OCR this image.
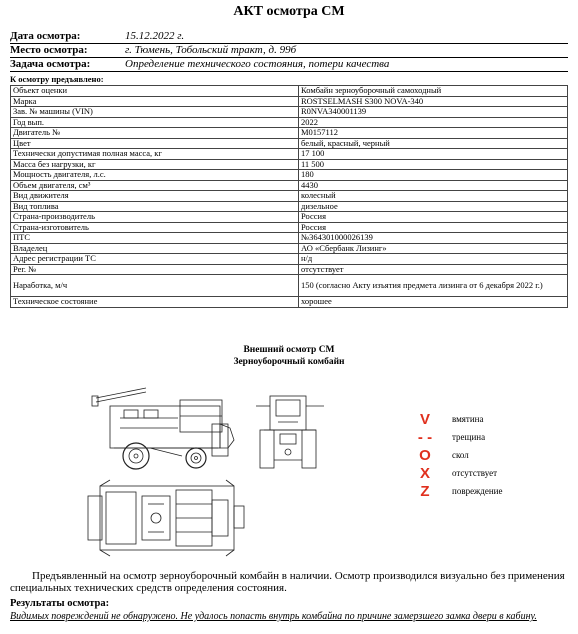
АКТ осмотра СМ
Дата осмотра:	15.12.2022 г.
Место осмотра:	г. Тюмень, Тобольский тракт, д. 99б
Задача осмотра:	Определение технического состояния, потери качества
К осмотру предъявлено:
Объект оценки	Комбайн зерноуборочный самоходный
Марка	ROSTSELMASH S300 NOVA-340
Зав. № машины (VIN)	R0NVA340001139
Год вып.	2022
Двигатель №	M0157112
Цвет	белый, красный, черный
Технически допустимая полная масса, кг	17 100
Масса без нагрузки, кг	11 500
Мощность двигателя, л.с.	180
Объем двигателя, см³	4430
Вид движителя	колесный
Вид топлива	дизельное
Страна-производитель	Россия
Страна-изготовитель	Россия
ПТС	№364301000026139
Владелец	АО «Сбербанк Лизинг»
Адрес регистрации ТС	н/д
Рег. №	отсутствует
Наработка, м/ч	150 (согласно Акту изъятия предмета лизинга от 6 декабря 2022 г.)
Техническое состояние	хорошее
Внешний осмотр СМ
Зерноуборочный комбайн
V	вмятина
- - трещина
O	скол
X	отсутствует
Z	повреждение
Предъявленный на осмотр зерноуборочный комбайн в наличии. Осмотр производился визуально без применения специальных технических средств определения состояния.
Результаты осмотра:
Видимых повреждений не обнаружено. Не удалось попасть внутрь комбайна по причине замерзшего замка двери в кабину.
